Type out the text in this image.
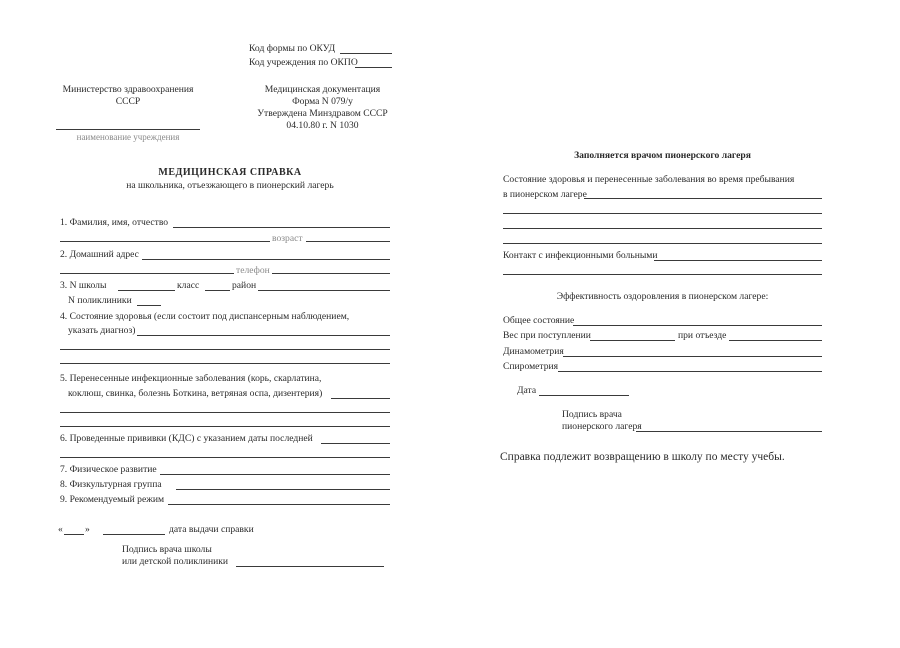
Код формы по ОКУД
Код учреждения по ОКПО
Министерство здравоохранения
СССР
наименование учреждения
Медицинская документация
Форма N 079/у
Утверждена Минздравом СССР
04.10.80 г. N 1030
МЕДИЦИНСКАЯ СПРАВКА
на школьника, отъезжающего в пионерский лагерь
1. Фамилия, имя, отчество
возраст
2. Домашний адрес
телефон
3. N школы	класс	район
N поликлиники
4. Состояние здоровья (если состоит под диспансерным наблюдением,
указать диагноз)
5. Перенесенные инфекционные заболевания (корь, скарлатина,
коклюш, свинка, болезнь Боткина, ветряная оспа, дизентерия)
6. Проведенные прививки (КДС) с указанием даты последней
7. Физическое развитие
8. Физкультурная группа
9. Рекомендуемый режим
« »	дата выдачи справки
Подпись врача школы
или детской поликлиники
Заполняется врачом пионерского лагеря
Состояние здоровья и перенесенные заболевания во время пребывания
в пионерском лагере
Контакт с инфекционными больными
Эффективность оздоровления в пионерском лагере:
Общее состояние
Вес при поступлении	при отъезде
Динамометрия
Спирометрия
Дата
Подпись врача
пионерского лагеря
Справка подлежит возвращению в школу по месту учебы.
